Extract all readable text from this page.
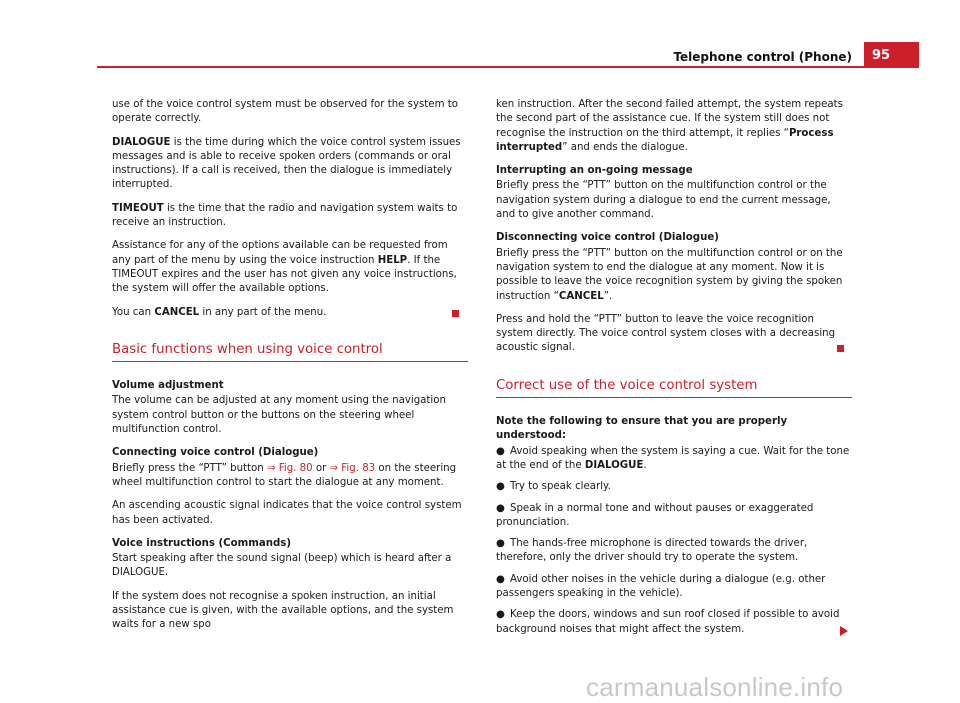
Telephone control (Phone)	95

use of the voice control system must be observed for the system to operate correctly.

DIALOGUE is the time during which the voice control system issues messages and is able to receive spoken orders (commands or oral instructions). If a call is received, then the dialogue is immediately interrupted.

TIMEOUT is the time that the radio and navigation system waits to receive an instruction.

Assistance for any of the options available can be requested from any part of the menu by using the voice instruction HELP. If the TIMEOUT expires and the user has not given any voice instructions, the system will offer the available options.

You can CANCEL in any part of the menu.

Basic functions when using voice control

Volume adjustment

The volume can be adjusted at any moment using the navigation system control button or the buttons on the steering wheel multifunction control.

Connecting voice control (Dialogue)

Briefly press the “PTT” button ⇒ Fig. 80 or ⇒ Fig. 83 on the steering wheel multifunction control to start the dialogue at any moment.

An ascending acoustic signal indicates that the voice control system has been activated.

Voice instructions (Commands)

Start speaking after the sound signal (beep) which is heard after a DIALOGUE.

If the system does not recognise a spoken instruction, an initial assistance cue is given, with the available options, and the system waits for a new spo

ken instruction. After the second failed attempt, the system repeats the second part of the assistance cue. If the system still does not recognise the instruction on the third attempt, it replies “Process interrupted” and ends the dialogue.

Interrupting an on-going message

Briefly press the “PTT” button on the multifunction control or the navigation system during a dialogue to end the current message, and to give another command.

Disconnecting voice control (Dialogue)

Briefly press the “PTT” button on the multifunction control or on the navigation system to end the dialogue at any moment. Now it is possible to leave the voice recognition system by giving the spoken instruction “CANCEL”.

Press and hold the “PTT” button to leave the voice recognition system directly. The voice control system closes with a decreasing acoustic signal.

Correct use of the voice control system

Note the following to ensure that you are properly understood:

● Avoid speaking when the system is saying a cue. Wait for the tone at the end of the DIALOGUE.

● Try to speak clearly.

● Speak in a normal tone and without pauses or exaggerated pronunciation.

● The hands-free microphone is directed towards the driver, therefore, only the driver should try to operate the system.

● Avoid other noises in the vehicle during a dialogue (e.g. other passengers speaking in the vehicle).

● Keep the doors, windows and sun roof closed if possible to avoid background noises that might affect the system.

carmanualsonline.info
